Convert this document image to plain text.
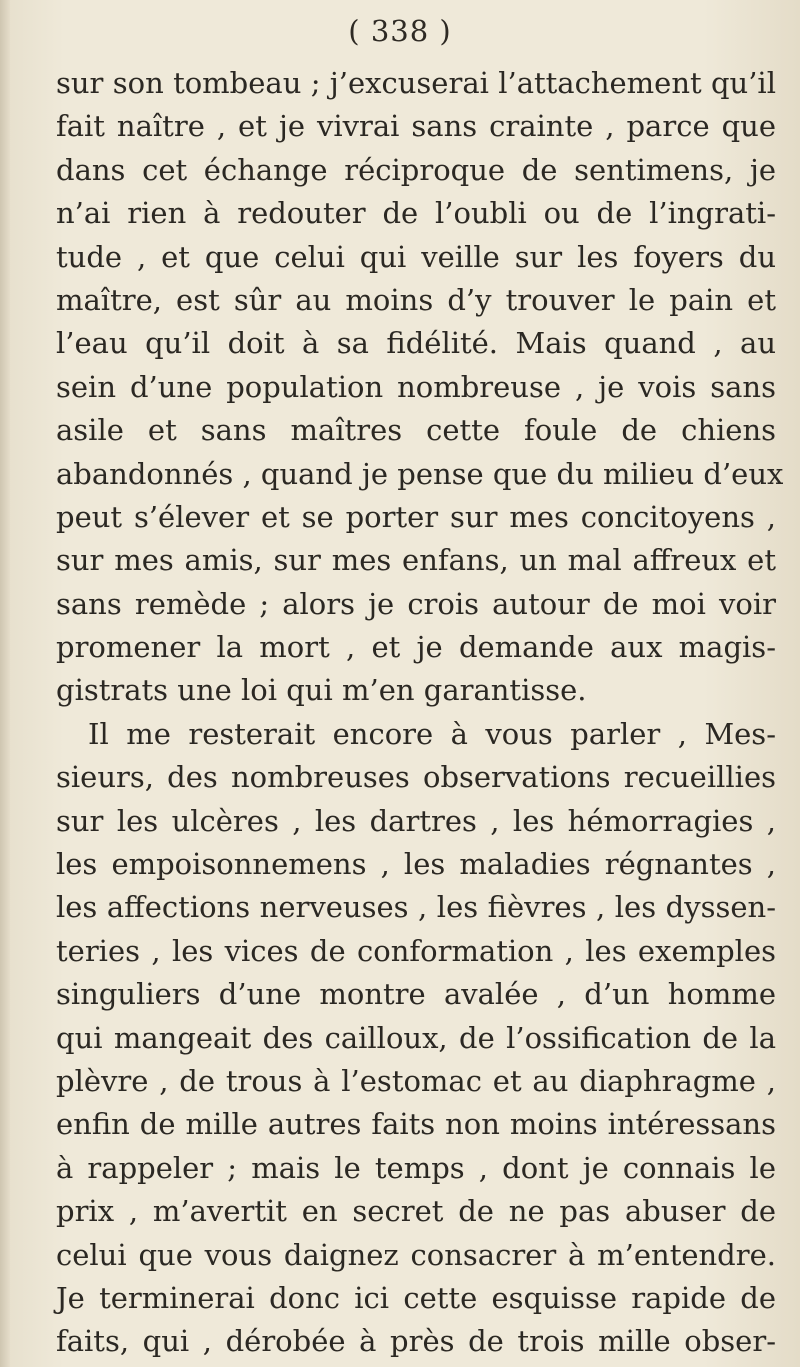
( 338 )
sur son tombeau ; j’excuserai l’attachement qu’il
fait naître , et je vivrai sans crainte , parce que
dans cet échange réciproque de sentimens, je
n’ai rien à redouter de l’oubli ou de l’ingrati-
tude , et que celui qui veille sur les foyers du
maître, est sûr au moins d’y trouver le pain et
l’eau qu’il doit à sa fidélité. Mais quand , au
sein d’une population nombreuse , je vois sans
asile et sans maîtres cette foule de chiens
abandonnés , quand je pense que du milieu d’eux
peut s’élever et se porter sur mes concitoyens ,
sur mes amis, sur mes enfans, un mal affreux et
sans remède ; alors je crois autour de moi voir
promener la mort , et je demande aux magis-
gistrats une loi qui m’en garantisse.
Il me resterait encore à vous parler , Mes-
sieurs, des nombreuses observations recueillies
sur les ulcères , les dartres , les hémorragies ,
les empoisonnemens , les maladies régnantes ,
les affections nerveuses , les fièvres , les dyssen-
teries , les vices de conformation , les exemples
singuliers d’une montre avalée , d’un homme
qui mangeait des cailloux, de l’ossification de la
plèvre , de trous à l’estomac et au diaphragme ,
enfin de mille autres faits non moins intéressans
à rappeler ; mais le temps , dont je connais le
prix , m’avertit en secret de ne pas abuser de
celui que vous daignez consacrer à m’entendre.
Je terminerai donc ici cette esquisse rapide de
faits, qui , dérobée à près de trois mille obser-
